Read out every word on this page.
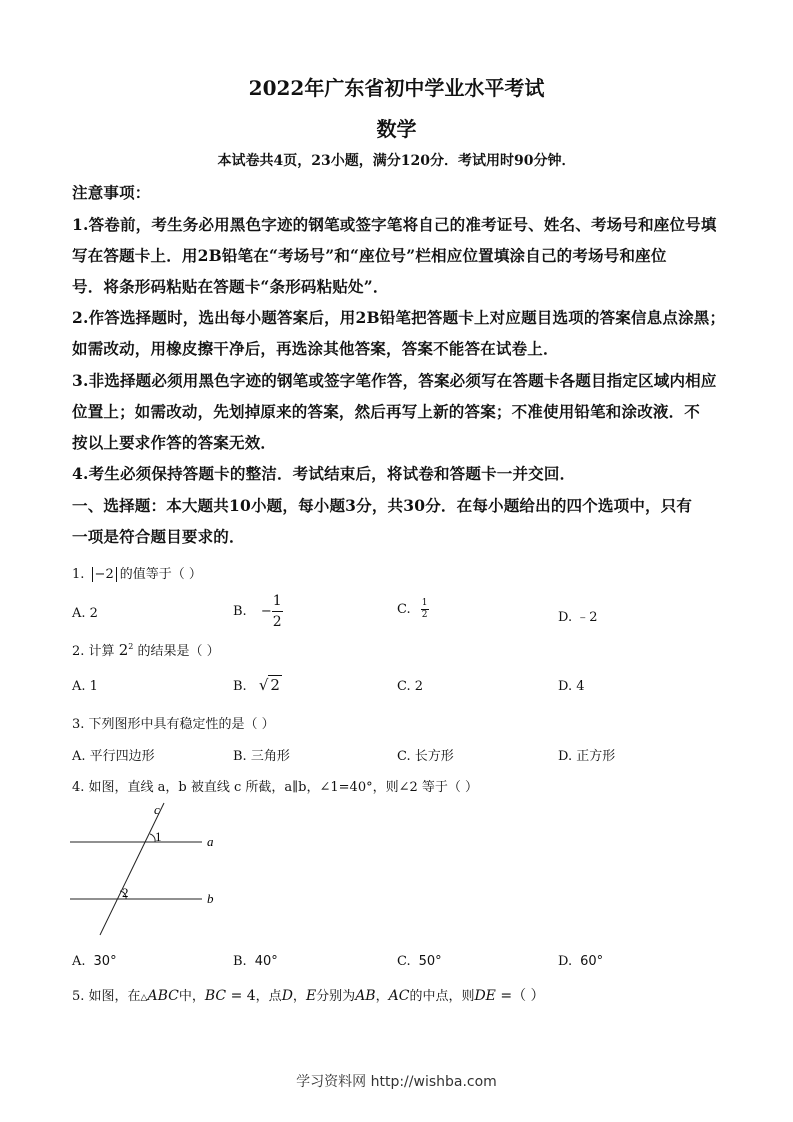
2022年广东省初中学业水平考试
数学
本试卷共4页，23小题，满分120分．考试用时90分钟．
注意事项：
1.答卷前，考生务必用黑色字迹的钢笔或签字笔将自己的准考证号、姓名、考场号和座位号填
写在答题卡上．用2B铅笔在“考场号”和“座位号”栏相应位置填涂自己的考场号和座位
号．将条形码粘贴在答题卡“条形码粘贴处”．
2.作答选择题时，选出每小题答案后，用2B铅笔把答题卡上对应题目选项的答案信息点涂黑；
如需改动，用橡皮擦干净后，再选涂其他答案，答案不能答在试卷上．
3.非选择题必须用黑色字迹的钢笔或签字笔作答，答案必须写在答题卡各题目指定区域内相应
位置上；如需改动，先划掉原来的答案，然后再写上新的答案；不准使用铅笔和涂改液．不
按以上要求作答的答案无效．
4.考生必须保持答题卡的整洁．考试结束后，将试卷和答题卡一并交回．
一、选择题：本大题共10小题，每小题3分，共30分．在每小题给出的四个选项中，只有
一项是符合题目要求的．
1. −2 的值等于（ ）
A. 2	B. − $\frac{1}{2}$	C. $\frac{1}{2}$	D. ﹣2
2. 计算 $2^2$ 的结果是（ ）
A. 1	B. √ 2	C. 2	D. 4
3. 下列图形中具有稳定性的是（ ）
A. 平行四边形	B. 三角形	C. 长方形	D. 正方形
4. 如图，直线 a，b 被直线 c 所截，a∥b，∠1=40°，则∠2 等于（ ）
c
1	a
2	b
A. 30°	B. 40°	C. 50°	D. 60°
5. 如图，在△ABC中，BC = 4，点D，E分别为AB，AC的中点，则DE =（ ）
学习资料网 http://wishba.com
